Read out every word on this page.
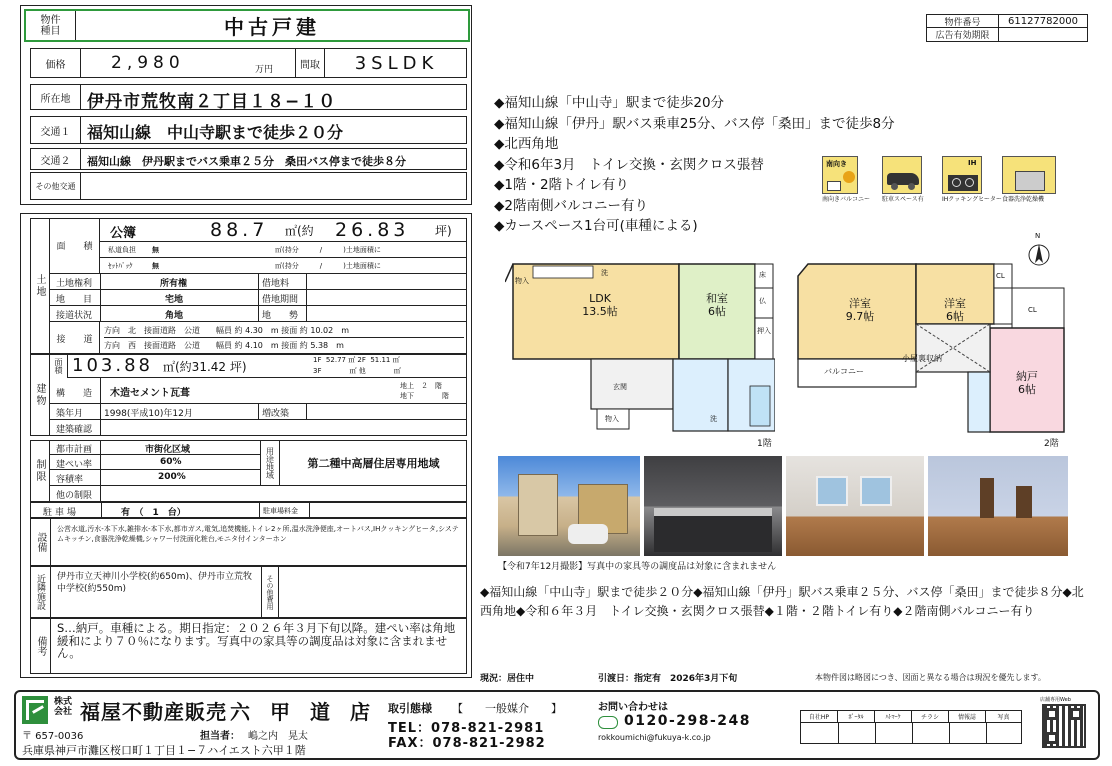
物件
種目	中古戸建
価格	2,980	万円	間取	3SLDK
所在地 伊丹市荒牧南２丁目１８−１０
交通１	福知山線　中山寺駅まで徒歩２０分
交通２	福知山線　伊丹駅までバス乗車２５分　桑田バス停まで徒歩８分
その他交通
土地
面　　積
公簿	88.7 ㎡(約 26.83 坪)
私道負担 無	㎡(持分　　　/　　　)土地面積に
ｾｯﾄﾊﾞｯｸ	無	㎡(持分　　　/　　　)土地面積に
土地権利	所有権	借地料
地　　目	宅地	借地期間
接道状況	角地	地　　勢
接　　道
方向　北　接面道路　公道　　幅員 約 4.30　m 接面 約 10.02　m
方向　西　接面道路　公道　　幅員 約 4.10　m 接面 約 5.38　m
建物
面積 103.88 ㎡(約31.42 坪)	1F  52.77 ㎡ 2F  51.11 ㎡
3F　　　　㎡ 他　　　　㎡
構　　造 木造セメント瓦葺
地上　２　階
地下　　　　階
築年月 1998(平成10)年12月	増改築
建築確認
制限
都市計画	市街化区域
建ぺい率	60%
容積率	200%
他の制限
用途地域	第二種中高層住居専用地域
駐車場	有　（　1　台）	駐車場料金
設備
公営水道,汚水-本下水,雑排水-本下水,都市ガス,電気,追焚機能,トイレ2ヶ所,温水洗浄便座,オートバス,IHクッキングヒータ,システムキッチン,食器洗浄乾燥機,シャワー付洗面化粧台,モニタ付インターホン
近隣施設	伊丹市立天神川小学校(約650m)、伊丹市立荒牧中学校(約550m)	その他費用
備考
S…納戸。車種による。期日指定：２０２６年３月下旬以降。建ぺい率は角地緩和により７０％になります。写真中の家具等の調度品は対象に含まれません。
物件番号	61127782000
広告有効期限
◆福知山線「中山寺」駅まで徒歩20分
◆福知山線「伊丹」駅バス乗車25分、バス停「桑田」まで徒歩8分
◆北西角地
◆令和6年3月　トイレ交換・玄関クロス張替
◆1階・2階トイレ有り
◆2階南側バルコニー有り
◆カースペース1台可(車種による)
南向き
南向きバルコニー 駐車スペース有
IH
IHクッキングヒーター 食器洗浄乾燥機
N
LDK
13.5帖
和室
6帖
床
仏
押入
玄関
物入
物入
洗
洗
1階
洋室
9.7帖
洋室
6帖
納戸
6帖
バルコニー
小屋裏収納
CL
CL
2階
【令和7年12月撮影】写真中の家具等の調度品は対象に含まれません
◆福知山線「中山寺」駅まで徒歩２０分◆福知山線「伊丹」駅バス乗車２５分、バス停「桑田」まで徒歩８分◆北西角地◆令和６年３月　トイレ交換・玄関クロス張替◆１階・２階トイレ有り◆２階南側バルコニー有り
現況：居住中	引渡日：指定有　2026年3月下旬	本物件図は略図につき、図面と異なる場合は現況を優先します。
株式会社 福屋不動産販売 六　甲　道　店
〒 657-0036	担当者： 嶋之内　晃太
兵庫県神戸市灘区桜口町１丁目１−７ハイエスト六甲１階
取引態様 【　　一般媒介　　】
TEL：078-821-2981
FAX：078-821-2982
お問い合わせは
0120-298-248
rokkoumichi@fukuya-k.co.jp
自社HP	ﾎﾟｰﾀﾙ	ﾊﾄﾏｰｸ	チラシ	情報誌	写真
店舗専用Web
